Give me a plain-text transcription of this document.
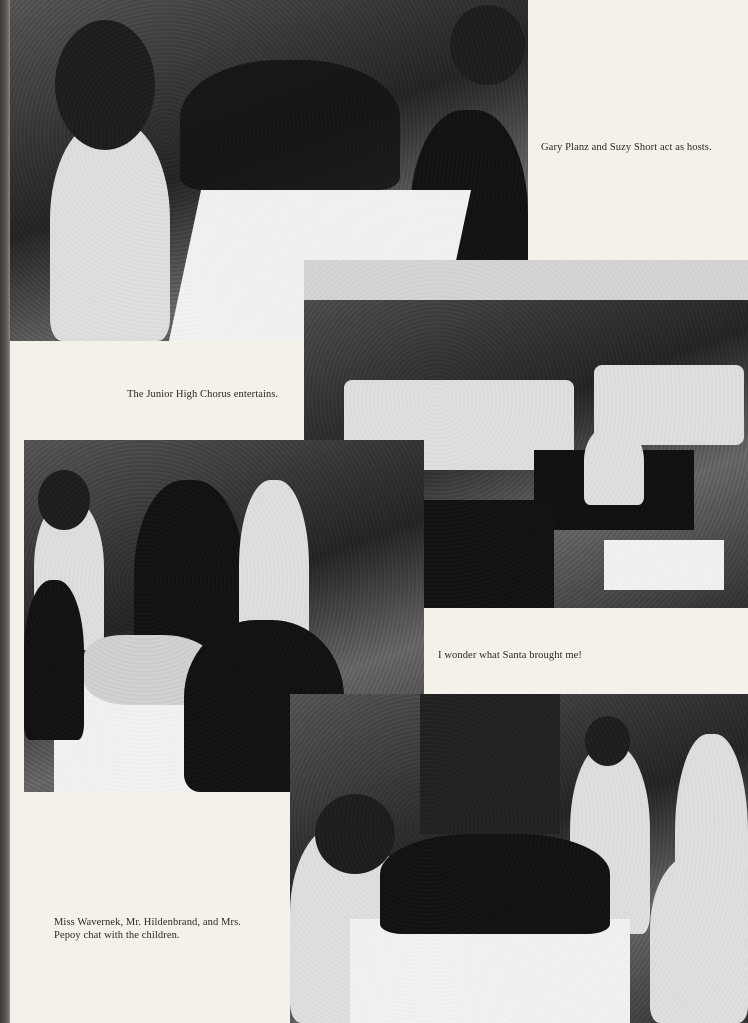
Gary Planz and Suzy Short act as hosts.
The Junior High Chorus entertains.
I wonder what Santa brought me!
Miss Wavernek, Mr. Hildenbrand, and Mrs.
Pepoy chat with the children.
